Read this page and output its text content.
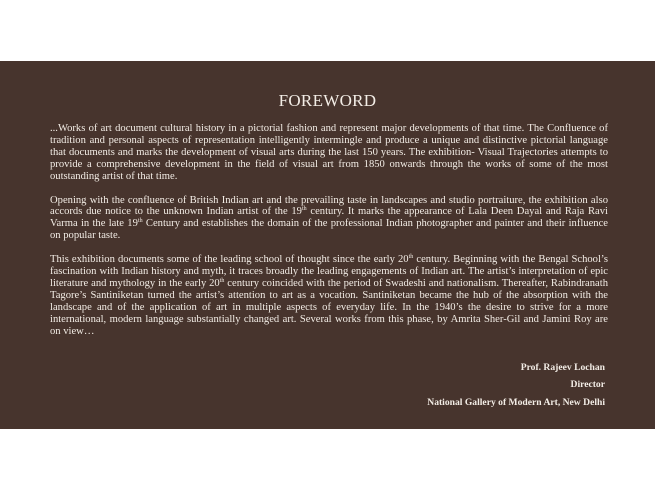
FOREWORD

...Works of art document cultural history in a pictorial fashion and represent major developments of that time. The Confluence of tradition and personal aspects of representation intelligently intermingle and produce a unique and distinctive pictorial language that documents and marks the development of visual arts during the last 150 years. The exhibition- Visual Trajectories attempts to provide a comprehensive development in the field of visual art from 1850 onwards through the works of some of the most outstanding artist of that time.

Opening with the confluence of British Indian art and the prevailing taste in landscapes and studio portraiture, the exhibition also accords due notice to the unknown Indian artist of the 19th century. It marks the appearance of Lala Deen Dayal and Raja Ravi Varma in the late 19th Century and establishes the domain of the professional Indian photographer and painter and their influence on popular taste.

This exhibition documents some of the leading school of thought since the early 20th century. Beginning with the Bengal School’s fascination with Indian history and myth, it traces broadly the leading engagements of Indian art. The artist’s interpretation of epic literature and mythology in the early 20th century coincided with the period of Swadeshi and nationalism. Thereafter, Rabindranath Tagore’s Santiniketan turned the artist’s attention to art as a vocation. Santiniketan became the hub of the absorption with the landscape and of the application of art in multiple aspects of everyday life. In the 1940’s the desire to strive for a more international, modern language substantially changed art. Several works from this phase, by Amrita Sher-Gil and Jamini Roy are on view…

Prof. Rajeev Lochan
Director
National Gallery of Modern Art, New Delhi
